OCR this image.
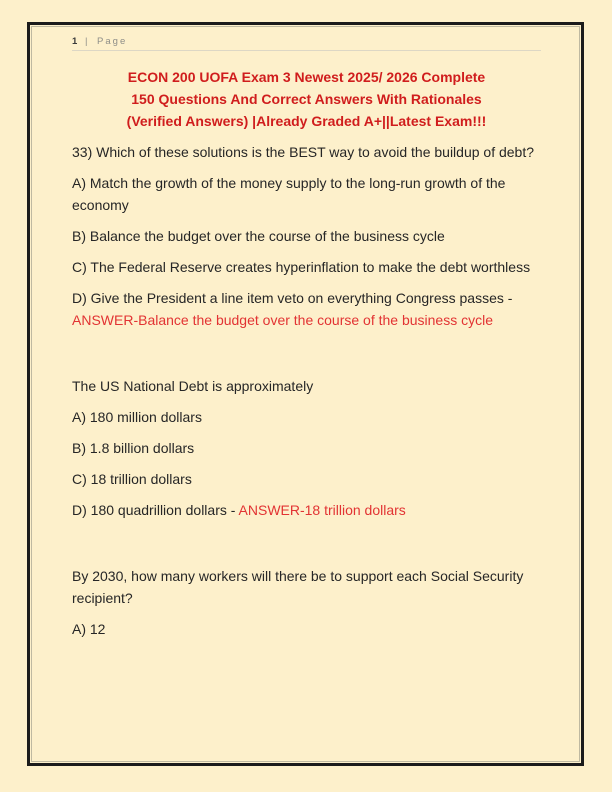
1 | Page
ECON 200 UOFA Exam 3 Newest 2025/ 2026 Complete
150 Questions And Correct Answers With Rationales
(Verified Answers) |Already Graded A+||Latest Exam!!!
33) Which of these solutions is the BEST way to avoid the buildup of debt?
A) Match the growth of the money supply to the long-run growth of the economy
B) Balance the budget over the course of the business cycle
C) The Federal Reserve creates hyperinflation to make the debt worthless
D) Give the President a line item veto on everything Congress passes - ANSWER-Balance the budget over the course of the business cycle
The US National Debt is approximately
A) 180 million dollars
B) 1.8 billion dollars
C) 18 trillion dollars
D) 180 quadrillion dollars - ANSWER-18 trillion dollars
By 2030, how many workers will there be to support each Social Security recipient?
A) 12
